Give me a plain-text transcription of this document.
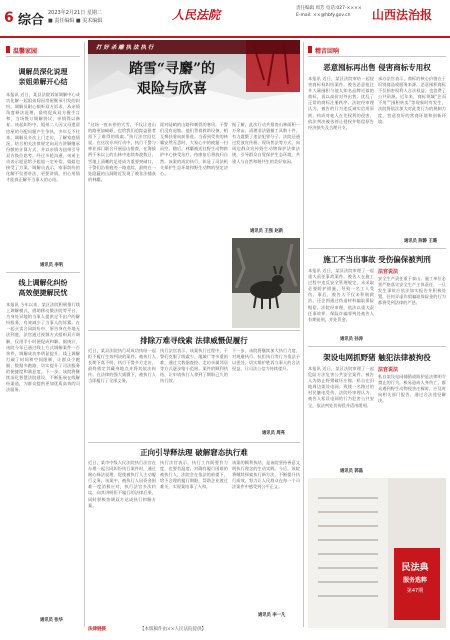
6 综合 2023年2月21日 星期二
■ 责任编辑 ■ 美术编辑	人民法院	责任编辑 周芳 电话:027-××××
E-mail: ××@hbfy.gov.cn	山西法治报
温馨家园
调解员深化说理
亲姐弟解开心结
本报讯 近日，某县法院诉前调解中心成功化解一起姐弟间因房屋继承引发的纠纷。调解员耐心倾听双方诉求，从亲情角度释法说理，最终促成双方握手言和，当场签订调解协议，亲情得以修复。该起纠纷中，姐弟二人因父母遗留房屋的分配问题产生争执，多年互不往来。调解员多次上门走访，了解家庭情况，结合相关法律规定向双方讲解继承份额的计算方式，并以亲情为纽带引导双方换位思考。经过多轮沟通，弟弟主动表示愿意给予姐姐一定补偿，姐姐也接受了方案。调解员表示，家事纠纷的化解不仅要讲法，更要讲情，用心用情才能真正解开当事人的心结。
通讯员 李明
线上调解化纠纷
高效便捷解民忧
本报讯 今年以来，某区法院积极推行线上调解模式，借助移动微法院等平台，为身处异地的当事人提供足不出户的解纷服务，有效减少了当事人的诉累。在一起买卖合同纠纷中，原告身在外地无法到庭，法官通过视频方式组织双方调解，仅用半小时便促成和解。据统计，该院今年已通过线上方式调解案件一百余件，调解成功率明显提升。线上调解打破了时间和空间限制，让群众少跑腿、数据多跑路，切实提升了司法服务的便捷度和满意度。下一步，该院将继续深化智慧法院建设，不断拓展在线解纷渠道，为群众提供更加优质高效的司法服务。
通讯员 张华
打 好 杀 雕 执 法 执 行
踏雪“寻麝”的
艰险与欣喜
“这场一夜未停的大雪，不仅让进山的路更加崎岖，也给我们追踪盗猎者留下了难得的线索。”执行法官回忆说。在这次专项行动中，执行干警与林业部门联合开展巡山排查，在海拔两千米以上的山林中连续奔波数日。雪地上清晰的足迹成为重要突破口，干警们沿着痕迹一路追踪，最终在一处隐蔽的山洞附近发现了被非法捕获的林麝。
面对陡峭的山路和刺骨的寒风，干警们没有退缩。他们背着救助设备，相互搀扶着向前推进。当看到受伤的林麝安然无恙时，大家心中的疲惫一扫而空。随后，林麝被送往野生动物救护中心接受治疗，待康复后将放归自然。该案的成功执行，彰显了司法机关保护生态环境和野生动物的坚定决心。
据了解，此次行动共排查山林面积一万余亩，清理非法猎捕工具数十件，有力震慑了违法犯罪分子。法院还通过发放宣传册、现场普法等方式，向周边群众宣传野生动物保护法律法规，引导群众自觉保护生态环境，共建人与自然和谐共生的美好家园。
通讯员 王强 赵新
排除万难寻线索 法律威慑促履行
近日，某县法院执行局成功执结一起拒不履行生效判决的案件。被执行人长期下落不明，执行干警多方走访，最终锁定其藏身地点并将其依法拘传。在法律的强大威慑下，被执行人当即履行了全部义务。
执行法官表示，该案执行过程中，干警们克服了线索少、地域广等多重困难，通过大数据查控、走访亲属邻居等方式逐步缩小范围。案件的顺利执结，让申请执行人拿到了期盼已久的执行款。
下一步，该院将继续加大执行力度，对规避执行、抗拒执行等行为依法予以惩处，切实维护胜诉当事人的合法权益，让司法公信力持续提升。
通讯员 周亮
正向引导释法理 破解窘态执行难
近日，某市中级人民法院执行法官在办理一起合同纠纷执行案件时，通过耐心释法说理，促使被执行人主动履行义务。该案中，被执行人因资金困难一度消极应对，执行法官多次约谈，向其讲明拒不履行的法律后果，同时积极协调双方达成执行和解方案。
执行法官表示，执行工作既要有力度，也要有温度。对确有履行困难的被执行人，法院会在依法的前提下，给予合理的履行期限，帮助企业渡过难关，实现案结事了人和。
该案的顺利执结，是该院坚持善意文明执行理念的生动实践。今后，该院将继续探索执行新方法，不断提升执行质效，努力让人民群众在每一个司法案件中感受到公平正义。
通讯员 李一凡
精音回响
恶意囤标再出售 侵害商标专用权
本报讯 近日，某区法院审结一起侵害商标权纠纷案件。被告恶意抢注并大量囤积与他人知名品牌近似的商标，再以高价对外出售，扰乱了正常的商标注册秩序。法院经审理认为，被告的行为违反诚实信用原则，构成对他人在先权利的侵害，依法判决被告停止侵权并赔偿原告经济损失及合理开支。
承办法官表示，商标的核心价值在于识别商品或服务来源，恶意囤积商标不仅损害权利人合法权益，也浪费了公共资源。近年来，商标领域“注而不用”“囤积转卖”等现象时有发生，法院将依法加大对此类行为的规制力度，营造良好的营商环境和创新环境。
通讯员 陈静 王璐
施工不当出事故 受伤偏保被判刑
本报讯 近日，某县法院审理了一起重大责任事故案件。被告人在施工过程中违反安全管理规定，未采取必要防护措施，导致一名工人受伤。事后，被告人不仅未积极救治，还企图通过伪造材料骗取保险赔偿。法院经审理，依法以重大责任事故罪、保险诈骗罪判处被告人有期徒刑，并处罚金。
通讯员 孙涛
法官说法
安全生产责任重于泰山。施工单位必须严格落实安全生产主体责任，一旦发生事故应依法如实报告并积极处置，任何弄虚作假骗取保险金的行为都将受到法律的严惩。
架设电网抓野猪 触犯法律被拘役
本报讯 近日，某区法院审理了一起危险方法危害公共安全案件。被告人为防止野猪破坏庄稼，私自在田地周边架设电网，致使一名路过的村民触电受伤。法院经审理认为，被告人私设电网的行为危害公共安全，依法判处其拘役并适用缓刑。
通讯员 郭磊
法官说法
私自架设电网捕猎或防护是法律明令禁止的行为，极易造成人身伤亡，群众遇到野生动物侵害庄稼时，应及时向相关部门报告，通过合法途径解决。
民法典
服务选粹
第47期
法律链接	【本版稿件由××人民法院提供】
